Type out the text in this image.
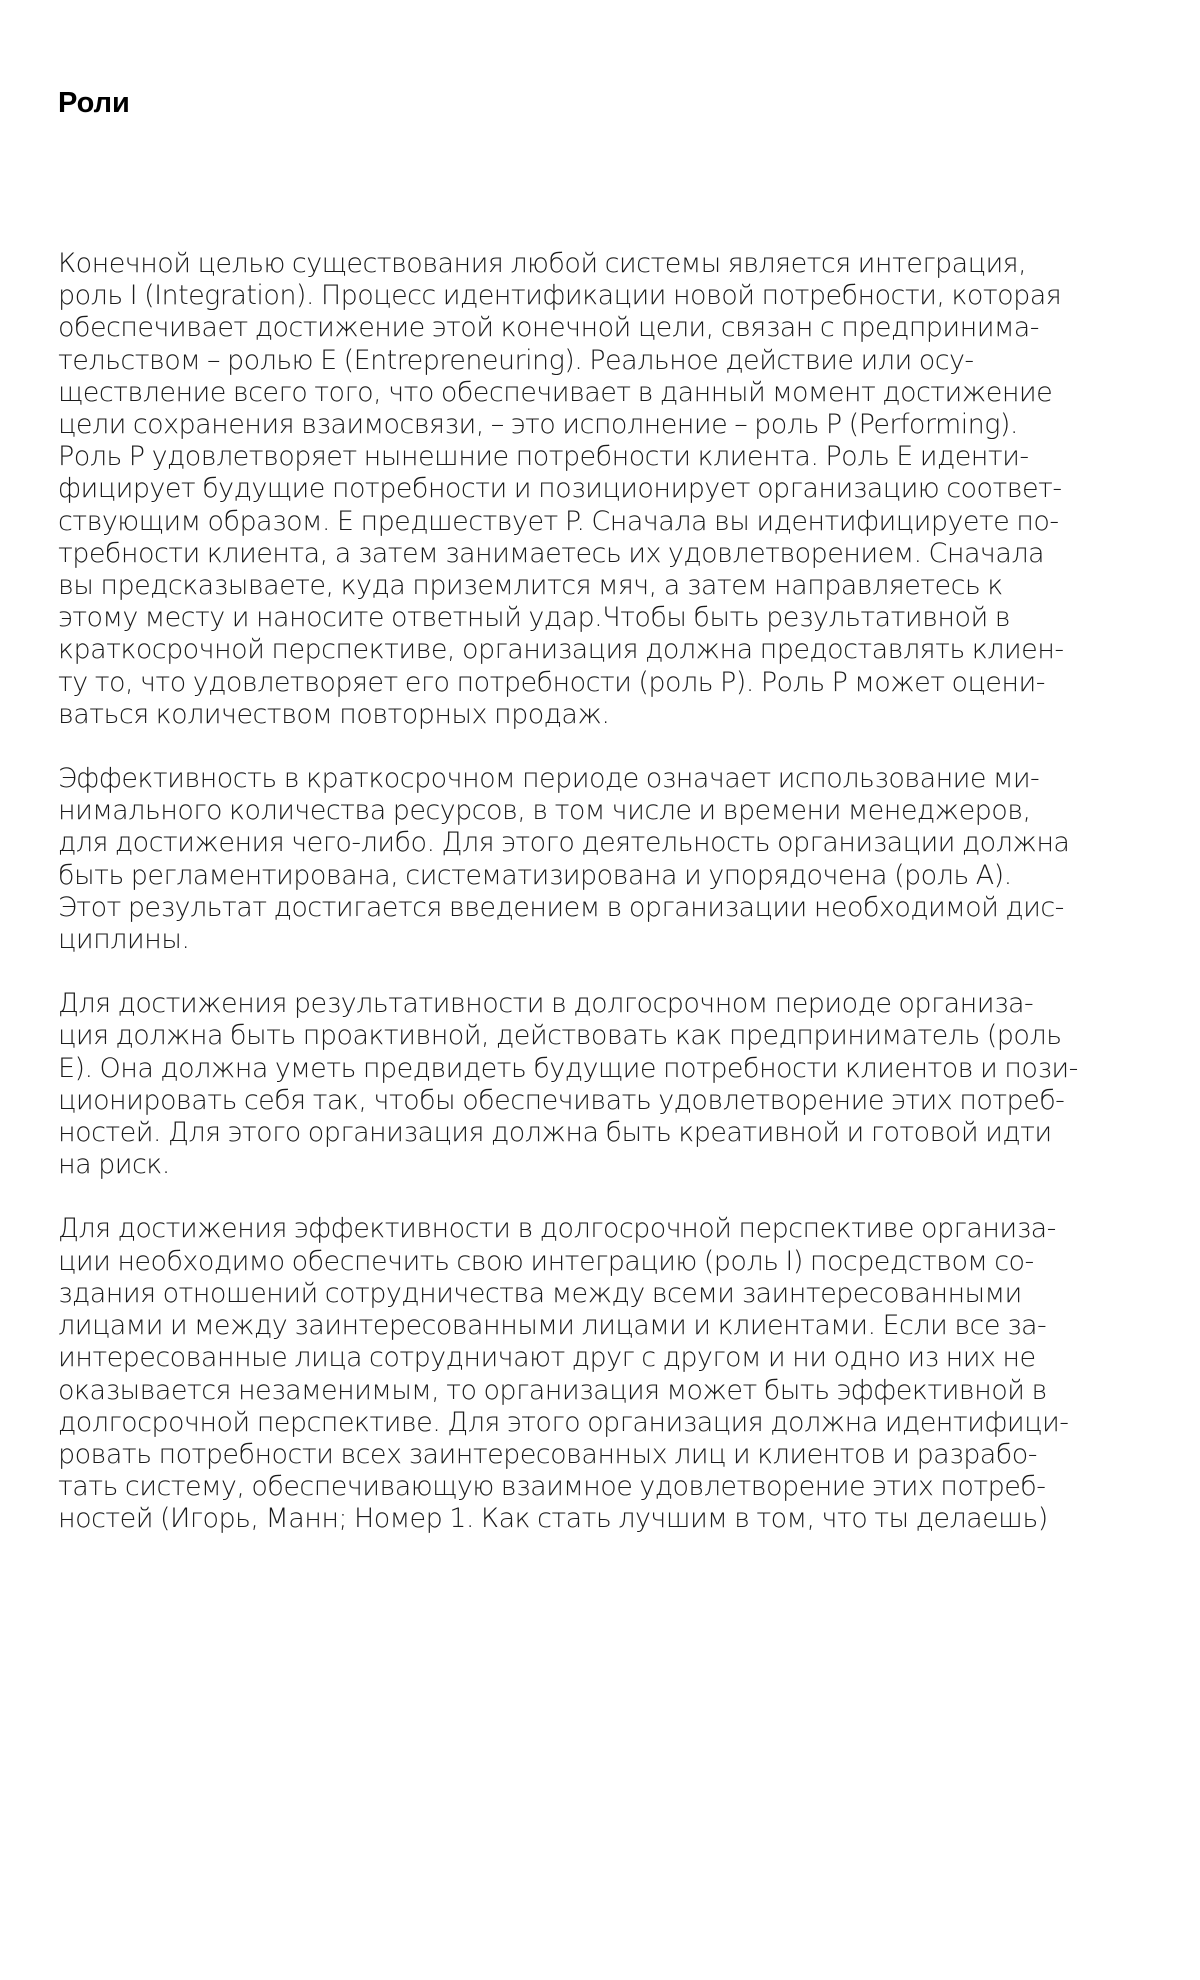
Роли

Конечной целью существования любой системы является интеграция,
роль I (Integration). Процесс идентификации новой потребности, которая
обеспечивает достижение этой конечной цели, связан с предпринима-
тельством – ролью E (Entrepreneuring). Реальное действие или осу-
ществление всего того, что обеспечивает в данный момент достижение
цели сохранения взаимосвязи, – это исполнение – роль P (Performing).
Роль P удовлетворяет нынешние потребности клиента. Роль E иденти-
фицирует будущие потребности и позиционирует организацию соответ-
ствующим образом. E предшествует P. Сначала вы идентифицируете по-
требности клиента, а затем занимаетесь их удовлетворением. Сначала
вы предсказываете, куда приземлится мяч, а затем направляетесь к
этому месту и наносите ответный удар.Чтобы быть результативной в
краткосрочной перспективе, организация должна предоставлять клиен-
ту то, что удовлетворяет его потребности (роль P). Роль P может оцени-
ваться количеством повторных продаж.

Эффективность в краткосрочном периоде означает использование ми-
нимального количества ресурсов, в том числе и времени менеджеров,
для достижения чего-либо. Для этого деятельность организации должна
быть регламентирована, систематизирована и упорядочена (роль A).
Этот результат достигается введением в организации необходимой дис-
циплины.

Для достижения результативности в долгосрочном периоде организа-
ция должна быть проактивной, действовать как предприниматель (роль
E). Она должна уметь предвидеть будущие потребности клиентов и пози-
ционировать себя так, чтобы обеспечивать удовлетворение этих потреб-
ностей. Для этого организация должна быть креативной и готовой идти
на риск.

Для достижения эффективности в долгосрочной перспективе организа-
ции необходимо обеспечить свою интеграцию (роль I) посредством со-
здания отношений сотрудничества между всеми заинтересованными
лицами и между заинтересованными лицами и клиентами. Если все за-
интересованные лица сотрудничают друг с другом и ни одно из них не
оказывается незаменимым, то организация может быть эффективной в
долгосрочной перспективе. Для этого организация должна идентифици-
ровать потребности всех заинтересованных лиц и клиентов и разрабо-
тать систему, обеспечивающую взаимное удовлетворение этих потреб-
ностей (Игорь, Манн; Номер 1. Как стать лучшим в том, что ты делаешь)
